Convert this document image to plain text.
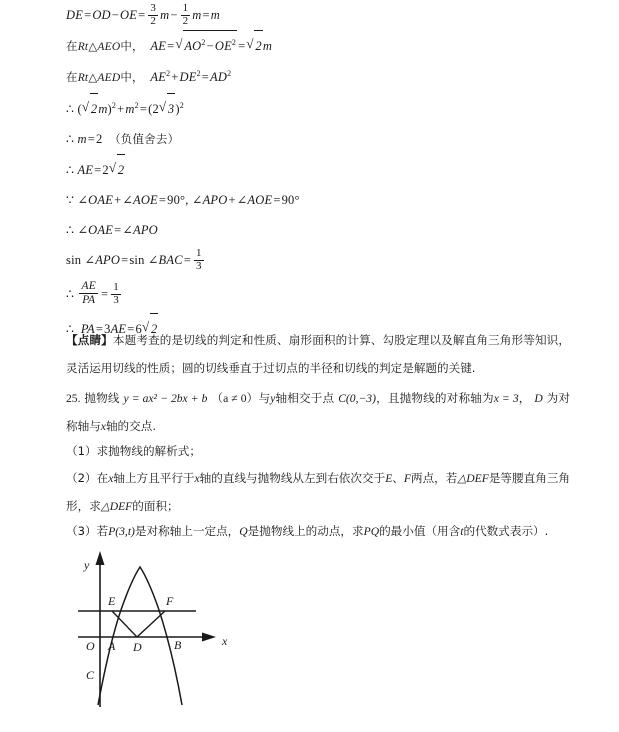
$DE=OD-OE= \frac{3}{2} m- \frac{1}{2} m=m$
在Rt△AEO中， AE= √ $AO^2-OE^2$ = √ 2m
在Rt△AED中， $AE^2+DE^2=AD^2$
∴ ( √ $2m)^2+m^2=(2$ √ 3)$^2$
∴ m=2 （负值舍去）
∴ AE=2 √ 2
∵ ∠OAE+∠AOE=90°, ∠APO+∠AOE=90°
∴ ∠OAE=∠APO
sin ∠APO=sin ∠BAC= $\frac{1}{3}$
∴ $\frac{AE}{PA} = \frac{1}{3}$
∴ PA=3AE=6 √ 2
【点睛】本题考查的是切线的判定和性质、扇形面积的计算、勾股定理以及解直角三角形等知识，灵活运用切线的性质；圆的切线垂直于过切点的半径和切线的判定是解题的关键.
25. 抛物线 y = ax² − 2bx + b （a ≠ 0）与y轴相交于点 C(0,−3)，且抛物线的对称轴为x = 3， D 为对称轴与x轴的交点.
（1）求抛物线的解析式；
（2）在x轴上方且平行于x轴的直线与抛物线从左到右依次交于E、F两点，若△DEF是等腰直角三角形，求△DEF的面积；
（3）若P(3,t)是对称轴上一定点，Q是抛物线上的动点，求PQ的最小值（用含t的代数式表示）.
y
x
O A D	B
E	F
C
